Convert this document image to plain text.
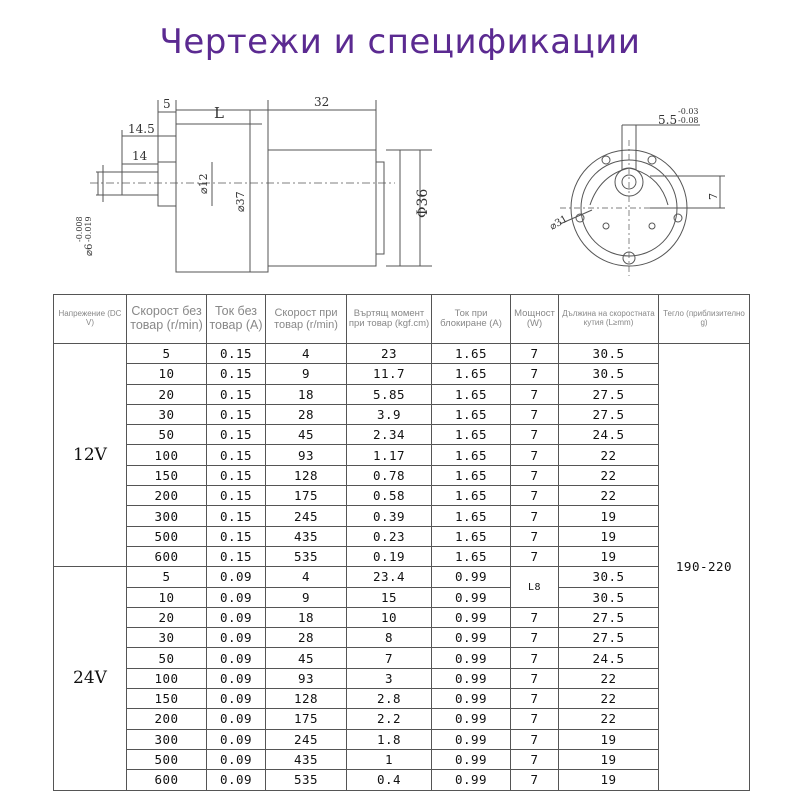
Чертежи и спецификации
5	L
32
14.5
14
⌀12
⌀37	Φ36
⌀6
-0.008 -0.019
5.5
-0.03
-0.08
7
⌀31
Напрежение (DC V)	Скорост без товар (r/min)	Ток без товар (A)	Скорост при товар (r/min)	Въртящ момент при товар (kgf.cm)	Ток при блокиране (A)	Мощност (W)	Дължина на скоростната кутия (L≥mm)	Тегло (приблизително g)
12V	5	0.15	4	23	1.65	7	30.5	190-220
	10	0.15	9	11.7	1.65	7	30.5	
	20	0.15	18	5.85	1.65	7	27.5	
	30	0.15	28	3.9	1.65	7	27.5	
	50	0.15	45	2.34	1.65	7	24.5	
	100	0.15	93	1.17	1.65	7	22	
	150	0.15	128	0.78	1.65	7	22	
	200	0.15	175	0.58	1.65	7	22	
	300	0.15	245	0.39	1.65	7	19	
	500	0.15	435	0.23	1.65	7	19	
	600	0.15	535	0.19	1.65	7	19	
24V	5	0.09	4	23.4	0.99	L8	30.5	
	10	0.09	9	15	0.99		30.5	
	20	0.09	18	10	0.99	7	27.5	
	30	0.09	28	8	0.99	7	27.5	
	50	0.09	45	7	0.99	7	24.5	
	100	0.09	93	3	0.99	7	22	
	150	0.09	128	2.8	0.99	7	22	
	200	0.09	175	2.2	0.99	7	22	
	300	0.09	245	1.8	0.99	7	19	
	500	0.09	435	1	0.99	7	19	
	600	0.09	535	0.4	0.99	7	19	
